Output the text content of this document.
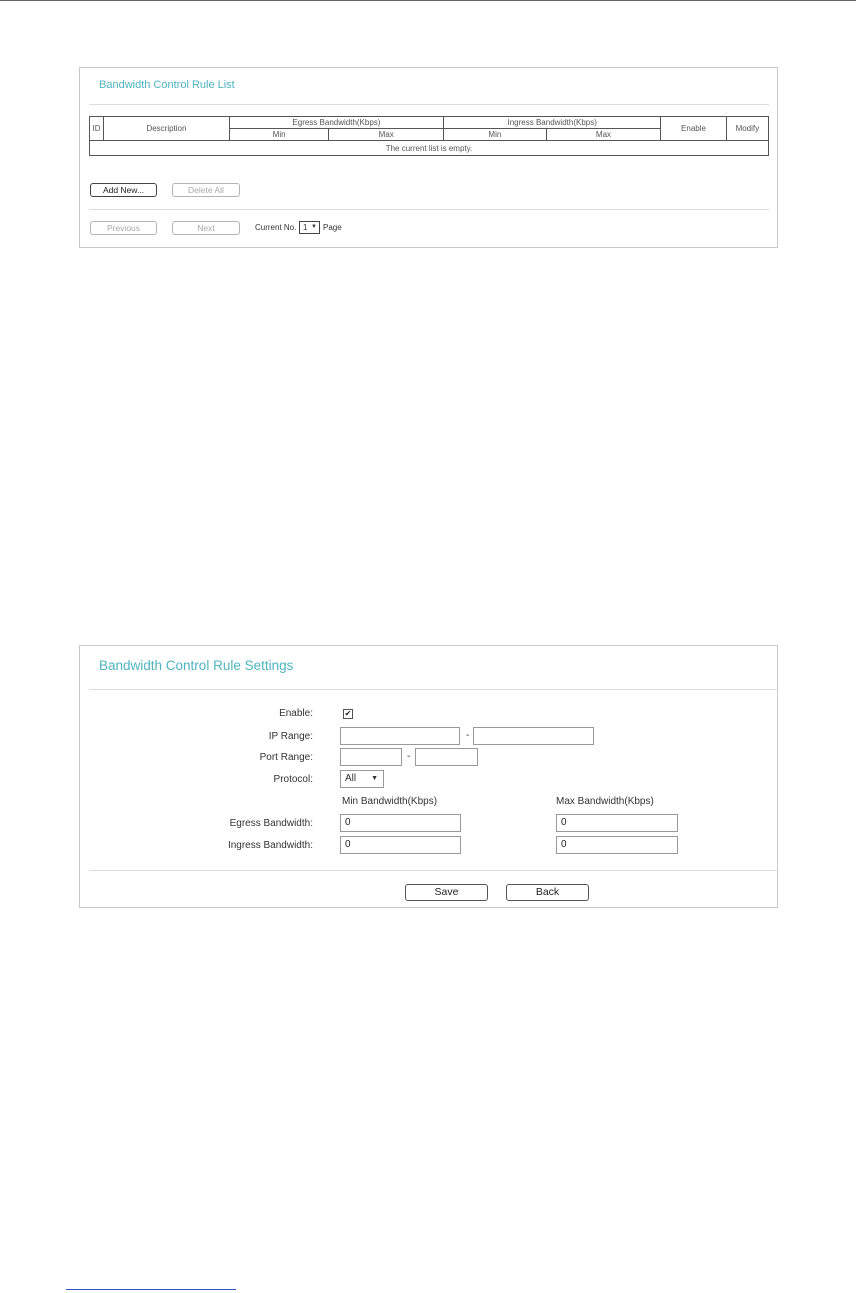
Bandwidth Control Rule List
ID	Description	Egress Bandwidth(Kbps)		Ingress Bandwidth(Kbps)		Enable	Modify
		Min	Max	Min	Max		
The current list is empty.							
Add New...	Delete All
Previous	Next	Current No. 1 ▼ Page
Bandwidth Control Rule Settings
Enable:	✔
IP Range:	-
Port Range:	-
Protocol:	All ▼
Min Bandwidth(Kbps)	Max Bandwidth(Kbps)
Egress Bandwidth:	0	0
Ingress Bandwidth:	0	0
Save	Back
